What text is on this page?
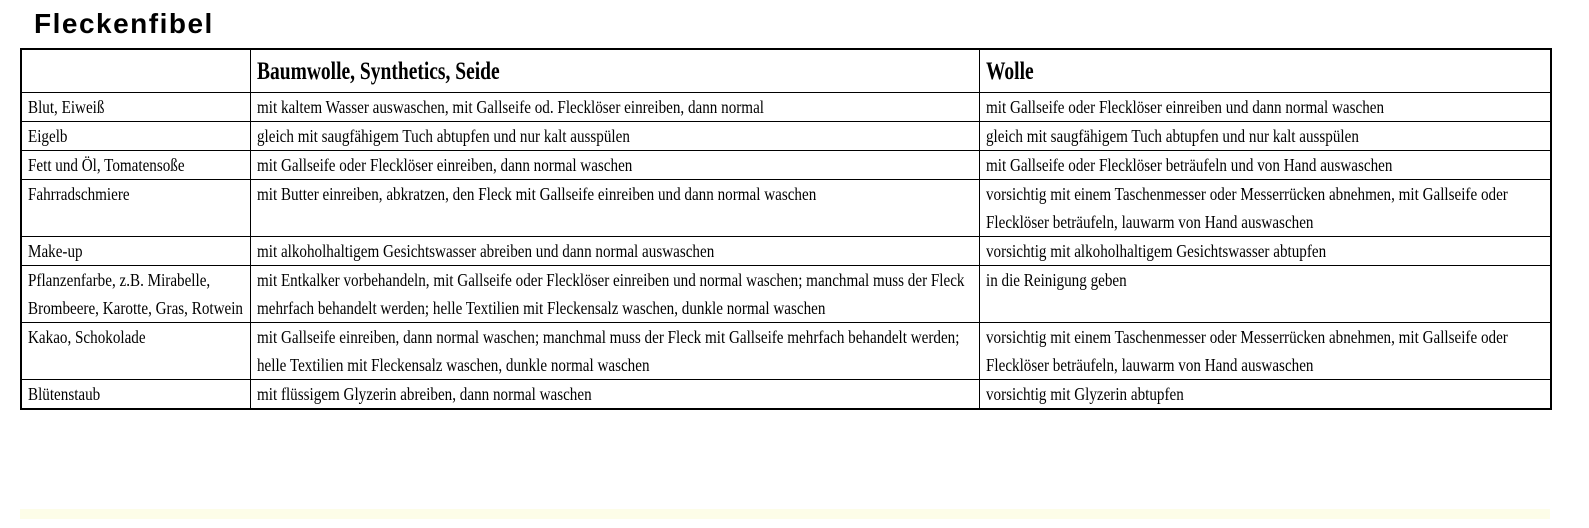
Fleckenfibel

	Baumwolle, Synthetics, Seide	Wolle

Blut, Eiweiß	mit kaltem Wasser auswaschen, mit Gallseife od. Flecklöser einreiben, dann normal	mit Gallseife oder Flecklöser einreiben und dann normal waschen

Eigelb	gleich mit saugfähigem Tuch abtupfen und nur kalt ausspülen	gleich mit saugfähigem Tuch abtupfen und nur kalt ausspülen

Fett und Öl, Tomatensoße	mit Gallseife oder Flecklöser einreiben, dann normal waschen	mit Gallseife oder Flecklöser beträufeln und von Hand auswaschen

Fahrradschmiere	mit Butter einreiben, abkratzen, den Fleck mit Gallseife einreiben und dann normal waschen	vorsichtig mit einem Taschenmesser oder Messerrücken abnehmen, mit Gallseife oder Flecklöser beträufeln, lauwarm von Hand auswaschen

Make-up	mit alkoholhaltigem Gesichtswasser abreiben und dann normal auswaschen	vorsichtig mit alkoholhaltigem Gesichtswasser abtupfen

Pflanzenfarbe, z.B. Mirabelle, Brombeere, Karotte, Gras, Rotwein	mit Entkalker vorbehandeln, mit Gallseife oder Flecklöser einreiben und normal waschen; manchmal muss der Fleck mehrfach behandelt werden; helle Textilien mit Fleckensalz waschen, dunkle normal waschen	in die Reinigung geben

Kakao, Schokolade	mit Gallseife einreiben, dann normal waschen; manchmal muss der Fleck mit Gallseife mehrfach behandelt werden; helle Textilien mit Fleckensalz waschen, dunkle normal waschen	vorsichtig mit einem Taschenmesser oder Messerrücken abnehmen, mit Gallseife oder Flecklöser beträufeln, lauwarm von Hand auswaschen

Blütenstaub	mit flüssigem Glyzerin abreiben, dann normal waschen	vorsichtig mit Glyzerin abtupfen
